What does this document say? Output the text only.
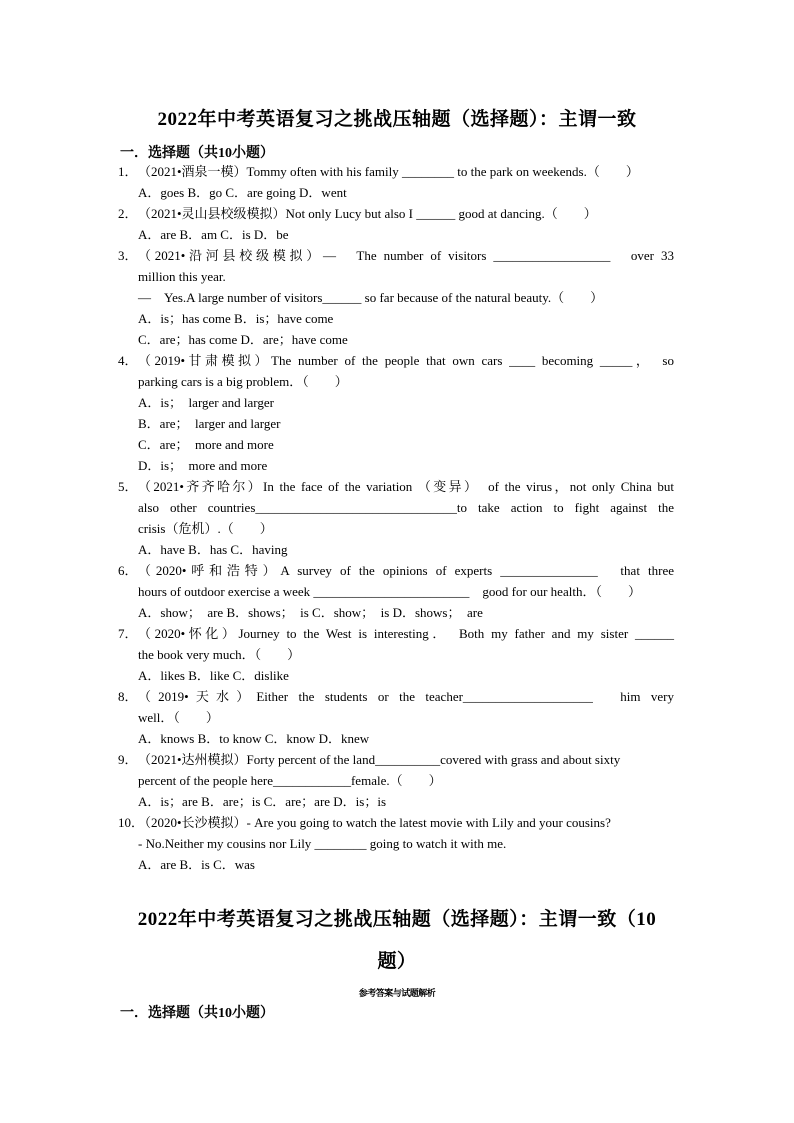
2022年中考英语复习之挑战压轴题（选择题）：主谓一致
一．选择题（共10小题）
1． （2021•酒泉一模）Tommy often with his family ________ to the park on weekends.（　　）
A．goes B．go C．are going D．went
2． （2021•灵山县校级模拟）Not only Lucy but also I ______ good at dancing.（　　）
A．are B．am C．is D．be
3． （2021•沿河县校级模拟）—　The number of visitors __________________　over 33
million this year.
—　Yes.A large number of visitors______ so far because of the natural beauty.（　　）
A．is；has come B．is；have come
C．are；has come D．are；have come
4． （2019•甘肃模拟）The number of the people that own cars ____ becoming _____，　so
parking cars is a big problem．（　　）
A．is；　larger and larger
B．are；　larger and larger
C．are；　more and more
D．is；　more and more
5． （2021•齐齐哈尔）In the face of the variation （变异）　of the virus，not only China but
also other countries_______________________________to take action to fight against the
crisis（危机）.（　　）
A．have B．has C．having
6． （2020•呼和浩特）A survey of the opinions of experts _______________　that three
hours of outdoor exercise a week ________________________　good for our health．（　　）
A．show；　are B．shows；　is C．show；　is D．shows；　are
7． （2020•怀化）Journey to the West is interesting．　Both my father and my sister ______
the book very much．（　　）
A．likes B．like C．dislike
8． （2019•天水）Either the students or the teacher____________________　him very
well．（　　）
A．knows B．to know C．know D．knew
9． （2021•达州模拟）Forty percent of the land__________covered with grass and about sixty
percent of the people here____________female.（　　）
A．is；are B．are；is C．are；are D．is；is
10．
（2020•长沙模拟）- Are you going to watch the latest movie with Lily and your cousins?
- No.Neither my cousins nor Lily ________ going to watch it with me.
A．are B．is C．was
2022年中考英语复习之挑战压轴题（选择题）：主谓一致（10
题）
参考答案与试题解析
一．选择题（共10小题）
